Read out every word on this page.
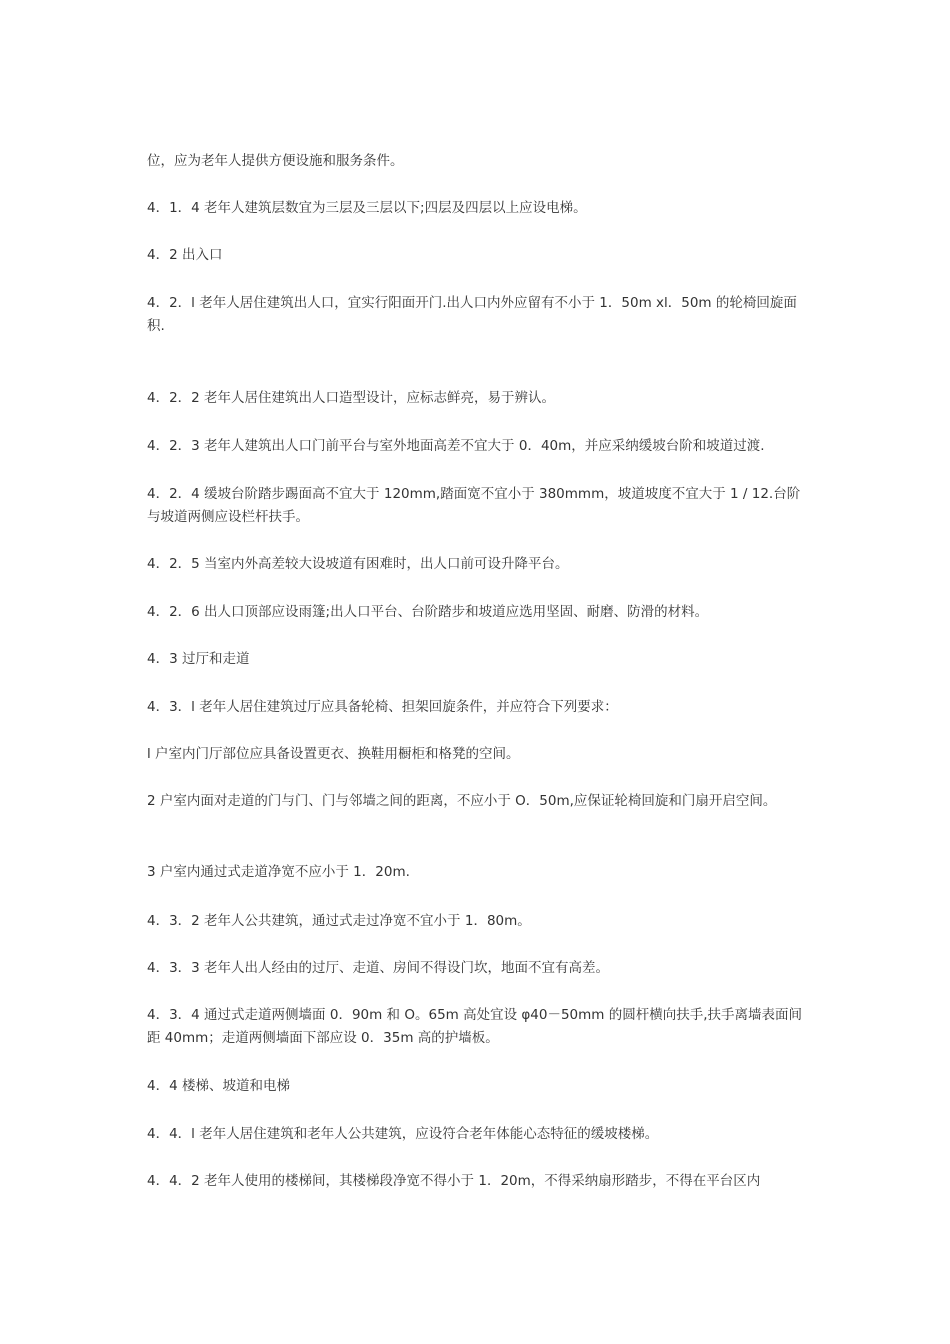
位，应为老年人提供方便设施和服务条件。

4．1．4 老年人建筑层数宜为三层及三层以下;四层及四层以上应设电梯。

4．2 出入口

4．2．l 老年人居住建筑出人口，宜实行阳面开门.出人口内外应留有不小于 1．50m xl．50m 的轮椅回旋面积.

4．2．2 老年人居住建筑出人口造型设计，应标志鲜亮，易于辨认。

4．2．3 老年人建筑出人口门前平台与室外地面高差不宜大于 0．40m，并应采纳缓坡台阶和坡道过渡.

4．2．4 缓坡台阶踏步踢面高不宜大于 120mm,踏面宽不宜小于 380mmm，坡道坡度不宜大于 1 / 12.台阶与坡道两侧应设栏杆扶手。

4．2．5 当室内外高差较大设坡道有困难时，出人口前可设升降平台。

4．2．6 出人口顶部应设雨篷;出人口平台、台阶踏步和坡道应选用坚固、耐磨、防滑的材料。

4．3 过厅和走道

4．3．l 老年人居住建筑过厅应具备轮椅、担架回旋条件，并应符合下列要求：

l 户室内门厅部位应具备设置更衣、换鞋用橱柜和格凳的空间。

2 户室内面对走道的门与门、门与邻墙之间的距离，不应小于 O．50m,应保证轮椅回旋和门扇开启空间。

3 户室内通过式走道净宽不应小于 1．20m.

4．3．2 老年人公共建筑，通过式走过净宽不宜小于 1．80m。

4．3．3 老年人出人经由的过厅、走道、房间不得设门坎，地面不宜有高差。

4．3．4 通过式走道两侧墙面 0．90m 和 O。65m 高处宜设 φ40－50mm 的圆杆横向扶手,扶手离墙表面间距 40mm；走道两侧墙面下部应设 0．35m 高的护墙板。

4．4 楼梯、坡道和电梯

4．4．l 老年人居住建筑和老年人公共建筑，应设符合老年体能心态特征的缓坡楼梯。

4．4．2 老年人使用的楼梯间，其楼梯段净宽不得小于 1．20m，不得采纳扇形踏步，不得在平台区内
